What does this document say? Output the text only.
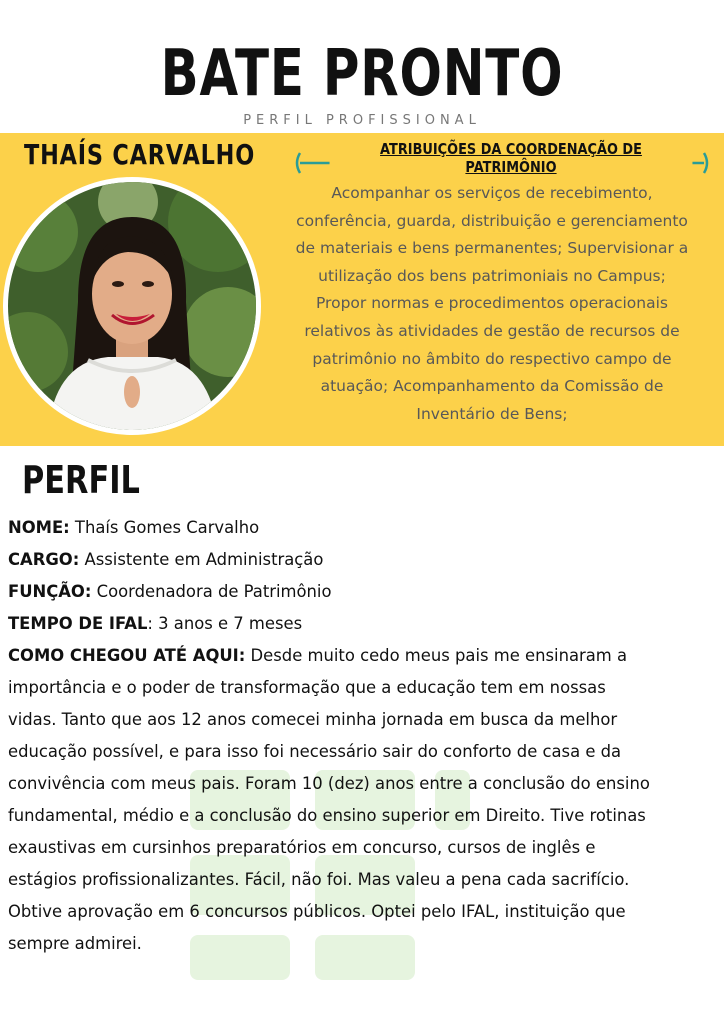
BATE PRONTO
PERFIL PROFISSIONAL
THAÍS CARVALHO	ATRIBUIÇÕES DA COORDENAÇÃO DE PATRIMÔNIO
Acompanhar os serviços de recebimento,
conferência, guarda, distribuição e gerenciamento
de materiais e bens permanentes; Supervisionar a
utilização dos bens patrimoniais no Campus;
Propor normas e procedimentos operacionais
relativos às atividades de gestão de recursos de
patrimônio no âmbito do respectivo campo de
atuação; Acompanhamento da Comissão de
Inventário de Bens;
PERFIL
NOME: Thaís Gomes Carvalho
CARGO: Assistente em Administração
FUNÇÃO: Coordenadora de Patrimônio
TEMPO DE IFAL: 3 anos e 7 meses
COMO CHEGOU ATÉ AQUI: Desde muito cedo meus pais me ensinaram a
importância e o poder de transformação que a educação tem em nossas
vidas. Tanto que aos 12 anos comecei minha jornada em busca da melhor
educação possível, e para isso foi necessário sair do conforto de casa e da
convivência com meus pais. Foram 10 (dez) anos entre a conclusão do ensino
fundamental, médio e a conclusão do ensino superior em Direito. Tive rotinas
exaustivas em cursinhos preparatórios em concurso, cursos de inglês e
estágios profissionalizantes. Fácil, não foi. Mas valeu a pena cada sacrifício.
Obtive aprovação em 6 concursos públicos. Optei pelo IFAL, instituição que
sempre admirei.
